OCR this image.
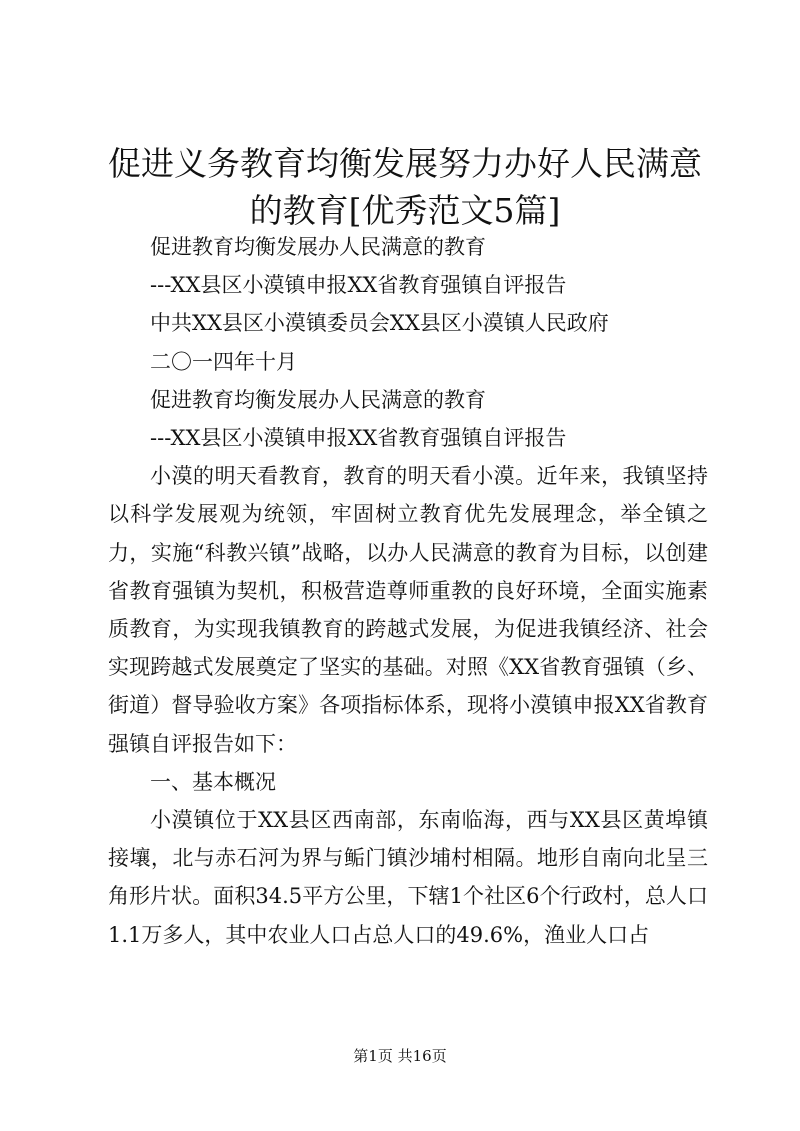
促进义务教育均衡发展努力办好人民满意的教育[优秀范文5篇]

促进教育均衡发展办人民满意的教育

---XX县区小漠镇申报XX省教育强镇自评报告

中共XX县区小漠镇委员会XX县区小漠镇人民政府

二〇一四年十月

促进教育均衡发展办人民满意的教育

---XX县区小漠镇申报XX省教育强镇自评报告

小漠的明天看教育，教育的明天看小漠。近年来，我镇坚持以科学发展观为统领，牢固树立教育优先发展理念，举全镇之力，实施“科教兴镇”战略，以办人民满意的教育为目标，以创建省教育强镇为契机，积极营造尊师重教的良好环境，全面实施素质教育，为实现我镇教育的跨越式发展，为促进我镇经济、社会实现跨越式发展奠定了坚实的基础。对照《XX省教育强镇（乡、街道）督导验收方案》各项指标体系，现将小漠镇申报XX省教育强镇自评报告如下：

一、基本概况

小漠镇位于XX县区西南部，东南临海，西与XX县区黄埠镇接壤，北与赤石河为界与鲘门镇沙埔村相隔。地形自南向北呈三角形片状。面积34.5平方公里，下辖1个社区6个行政村，总人口1.1万多人，其中农业人口占总人口的49.6%，渔业人口占

第1页 共16页
